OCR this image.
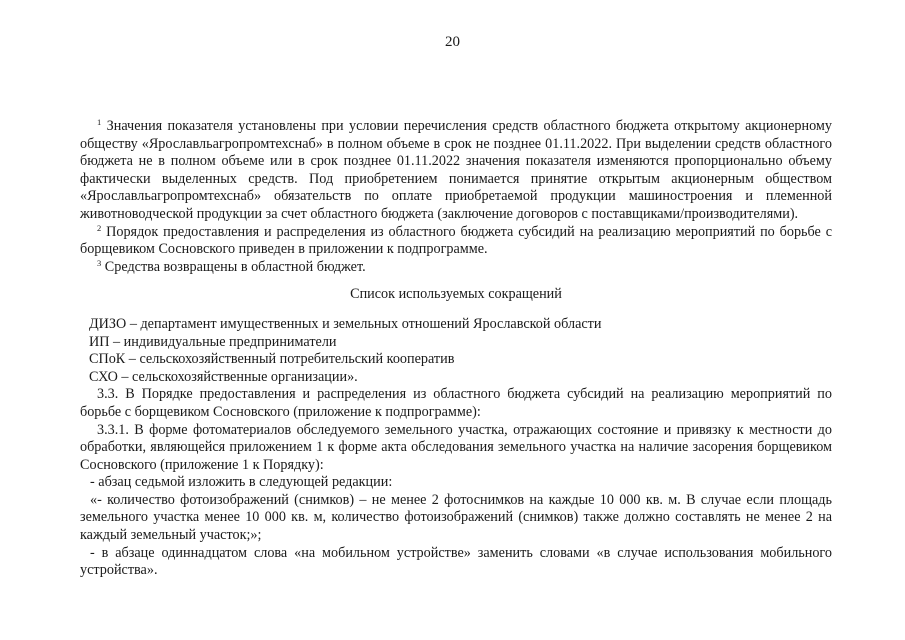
20

$^1$ Значения показателя установлены при условии перечисления средств областного бюджета открытому акционерному обществу «Ярославльагропромтехснаб» в полном объеме в срок не позднее 01.11.2022. При выделении средств областного бюджета не в полном объеме или в срок позднее 01.11.2022 значения показателя изменяются пропорционально объему фактически выделенных средств. Под приобретением понимается принятие открытым акционерным обществом «Ярославльагропромтехснаб» обязательств по оплате приобретаемой продукции машиностроения и племенной животноводческой продукции за счет областного бюджета (заключение договоров с поставщиками/производителями).

$^2$ Порядок предоставления и распределения из областного бюджета субсидий на реализацию мероприятий по борьбе с борщевиком Сосновского приведен в приложении к подпрограмме.

$^3$ Средства возвращены в областной бюджет.

Список используемых сокращений

ДИЗО – департамент имущественных и земельных отношений Ярославской области

ИП – индивидуальные предприниматели

СПоК – сельскохозяйственный потребительский кооператив

СХО – сельскохозяйственные организации».

3.3. В Порядке предоставления и распределения из областного бюджета субсидий на реализацию мероприятий по борьбе с борщевиком Сосновского (приложение к подпрограмме):

3.3.1. В форме фотоматериалов обследуемого земельного участка, отражающих состояние и привязку к местности до обработки, являющейся приложением 1 к форме акта обследования земельного участка на наличие засорения борщевиком Сосновского (приложение 1 к Порядку):

- абзац седьмой изложить в следующей редакции:

«- количество фотоизображений (снимков) – не менее 2 фотоснимков на каждые 10 000 кв. м. В случае если площадь земельного участка менее 10 000 кв. м, количество фотоизображений (снимков) также должно составлять не менее 2 на каждый земельный участок;»;

- в абзаце одиннадцатом слова «на мобильном устройстве» заменить словами «в случае использования мобильного устройства».
